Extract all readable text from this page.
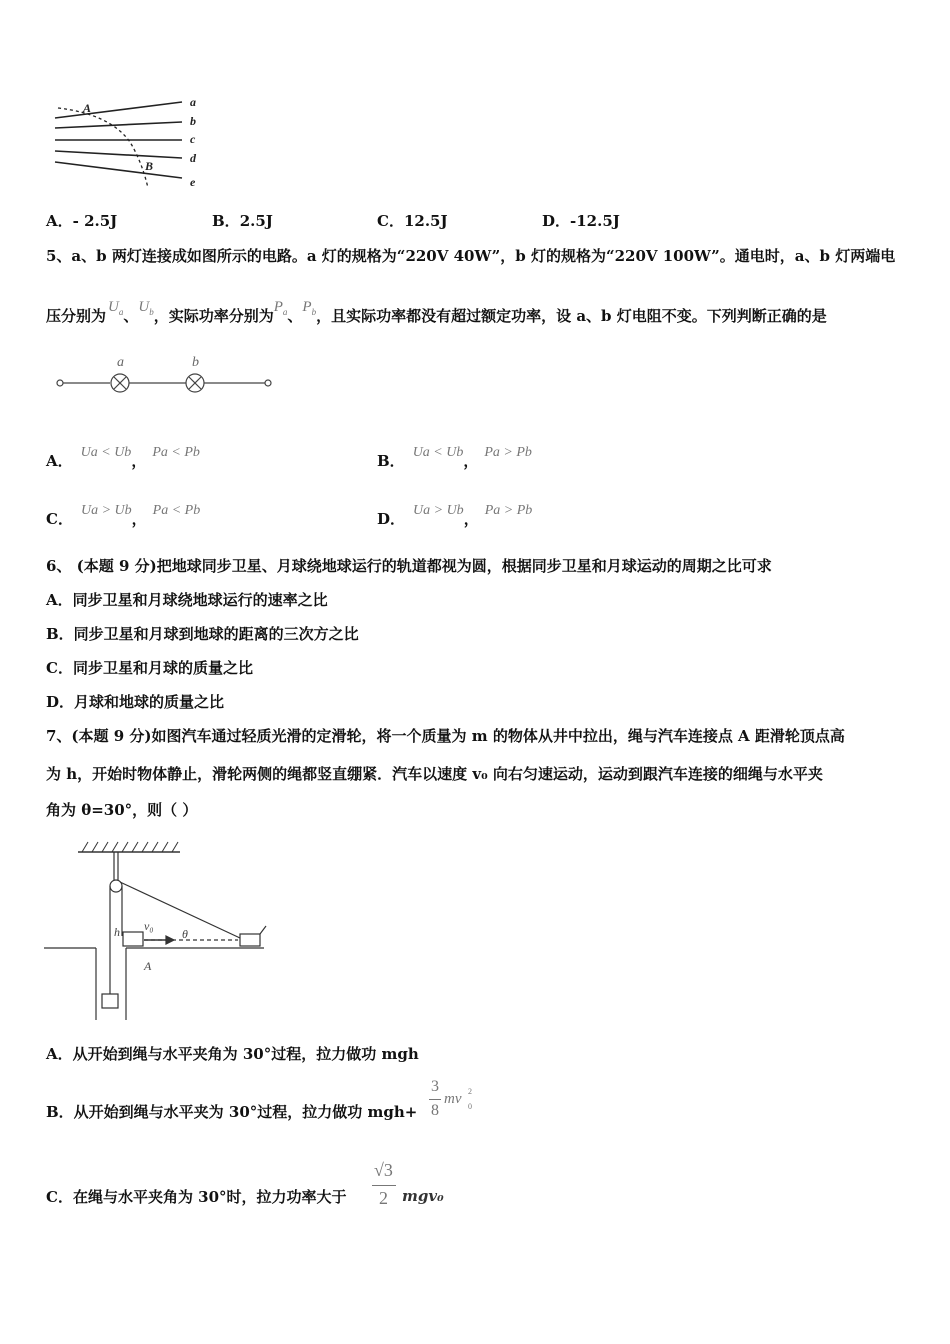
a
b
c
d
e
A
B
A．- 2.5J	B．2.5J	C．12.5J	D．-12.5J
5、a、b 两灯连接成如图所示的电路。a 灯的规格为“220V 40W”，b 灯的规格为“220V 100W”。通电时，a、b 灯两端电
压分别为 $U_a$、$U_b$，实际功率分别为$P_a$、$P_b$，且实际功率都没有超过额定功率，设 a、b 灯电阻不变。下列判断正确的是
a	b
A． Ua < Ub， Pa < Pb	B． Ua < Ub， Pa > Pb
C． Ua > Ub， Pa < Pb	D． Ua > Ub， Pa > Pb
6、 (本题 9 分)把地球同步卫星、月球绕地球运行的轨道都视为圆，根据同步卫星和月球运动的周期之比可求
A．同步卫星和月球绕地球运行的速率之比
B．同步卫星和月球到地球的距离的三次方之比
C．同步卫星和月球的质量之比
D．月球和地球的质量之比
7、(本题 9 分)如图汽车通过轻质光滑的定滑轮，将一个质量为 m 的物体从井中拉出，绳与汽车连接点 A 距滑轮顶点高
为 h，开始时物体静止，滑轮两侧的绳都竖直绷紧．汽车以速度 v₀ 向右匀速运动，运动到跟汽车连接的细绳与水平夹
角为 θ=30°，则（ ）
h v₀
θ
A
A．从开始到绳与水平夹角为 30°过程，拉力做功 mgh
B．从开始到绳与水平夹为 30°过程，拉力做功 mgh+
3
8
mv 2
0
C．在绳与水平夹角为 30°时，拉力功率大于
√3
2 mgv₀
